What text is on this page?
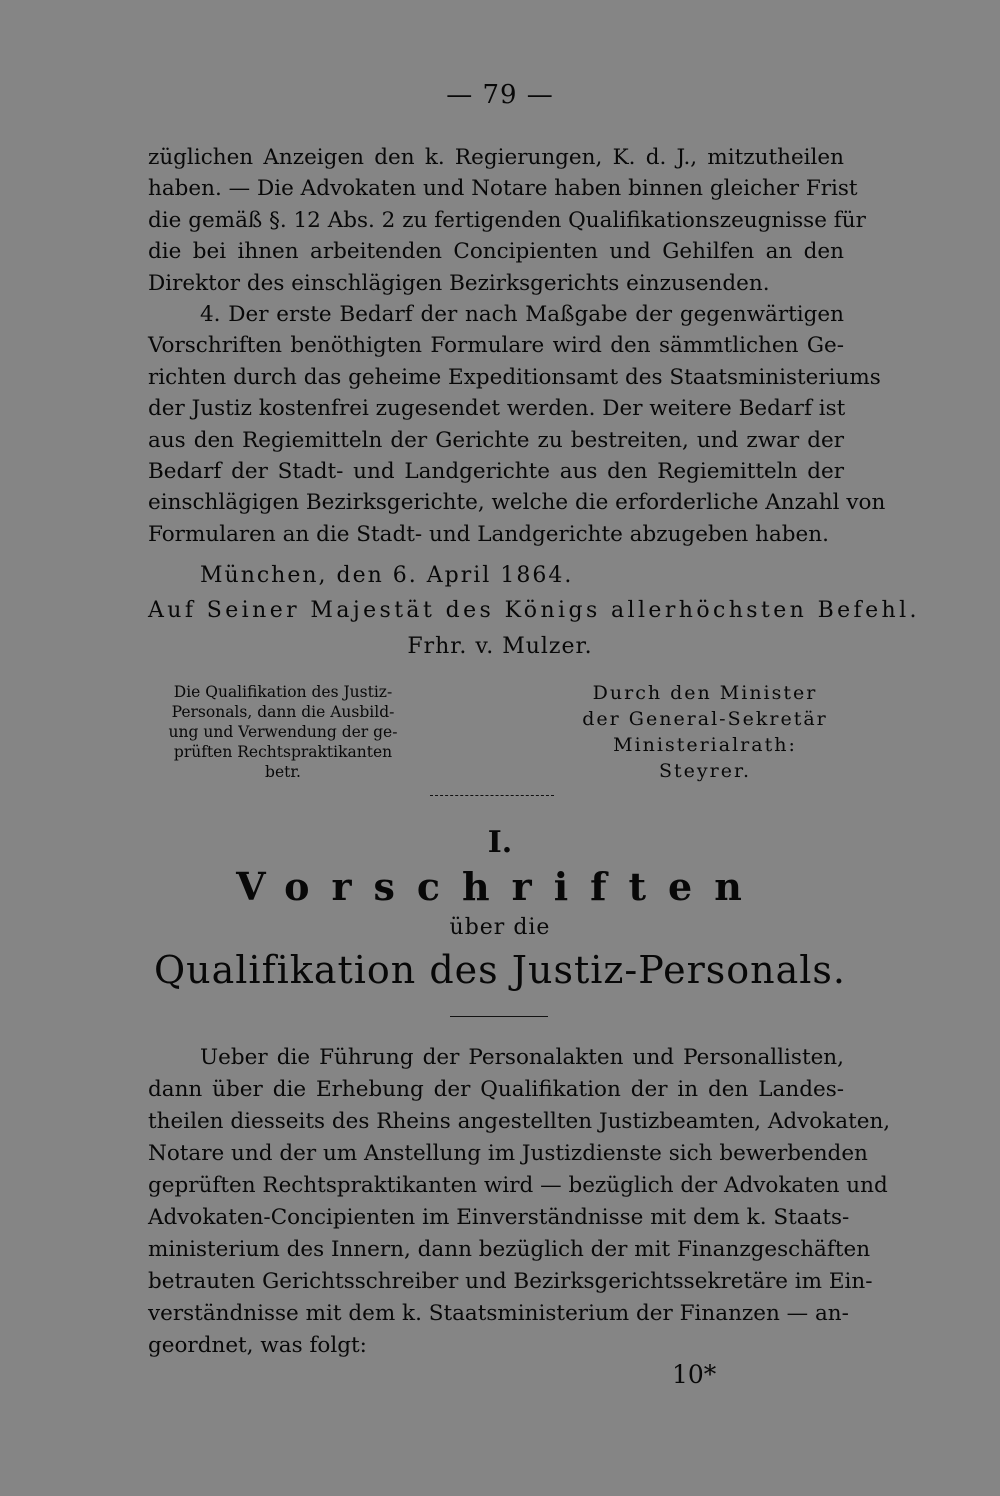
— 79 —
züglichen Anzeigen den k. Regierungen, K. d. J., mitzutheilen
haben. — Die Advokaten und Notare haben binnen gleicher Frist
die gemäß §. 12 Abs. 2 zu fertigenden Qualifikationszeugnisse für
die bei ihnen arbeitenden Concipienten und Gehilfen an den
Direktor des einschlägigen Bezirksgerichts einzusenden.
4. Der erste Bedarf der nach Maßgabe der gegenwärtigen
Vorschriften benöthigten Formulare wird den sämmtlichen Ge-
richten durch das geheime Expeditionsamt des Staatsministeriums
der Justiz kostenfrei zugesendet werden. Der weitere Bedarf ist
aus den Regiemitteln der Gerichte zu bestreiten, und zwar der
Bedarf der Stadt- und Landgerichte aus den Regiemitteln der
einschlägigen Bezirksgerichte, welche die erforderliche Anzahl von
Formularen an die Stadt- und Landgerichte abzugeben haben.
München, den 6. April 1864.
Auf Seiner Majestät des Königs allerhöchsten Befehl.
Frhr. v. Mulzer.
Die Qualifikation des Justiz-
Personals, dann die Ausbild-
ung und Verwendung der ge-
prüften Rechtspraktikanten
betr.
Durch den Minister
der General-Sekretär
Ministerialrath:
Steyrer.
I.
Vorschriften
über die
Qualifikation des Justiz-Personals.
Ueber die Führung der Personalakten und Personallisten,
dann über die Erhebung der Qualifikation der in den Landes-
theilen diesseits des Rheins angestellten Justizbeamten, Advokaten,
Notare und der um Anstellung im Justizdienste sich bewerbenden
geprüften Rechtspraktikanten wird — bezüglich der Advokaten und
Advokaten-Concipienten im Einverständnisse mit dem k. Staats-
ministerium des Innern, dann bezüglich der mit Finanzgeschäften
betrauten Gerichtsschreiber und Bezirksgerichtssekretäre im Ein-
verständnisse mit dem k. Staatsministerium der Finanzen — an-
geordnet, was folgt:
10*
